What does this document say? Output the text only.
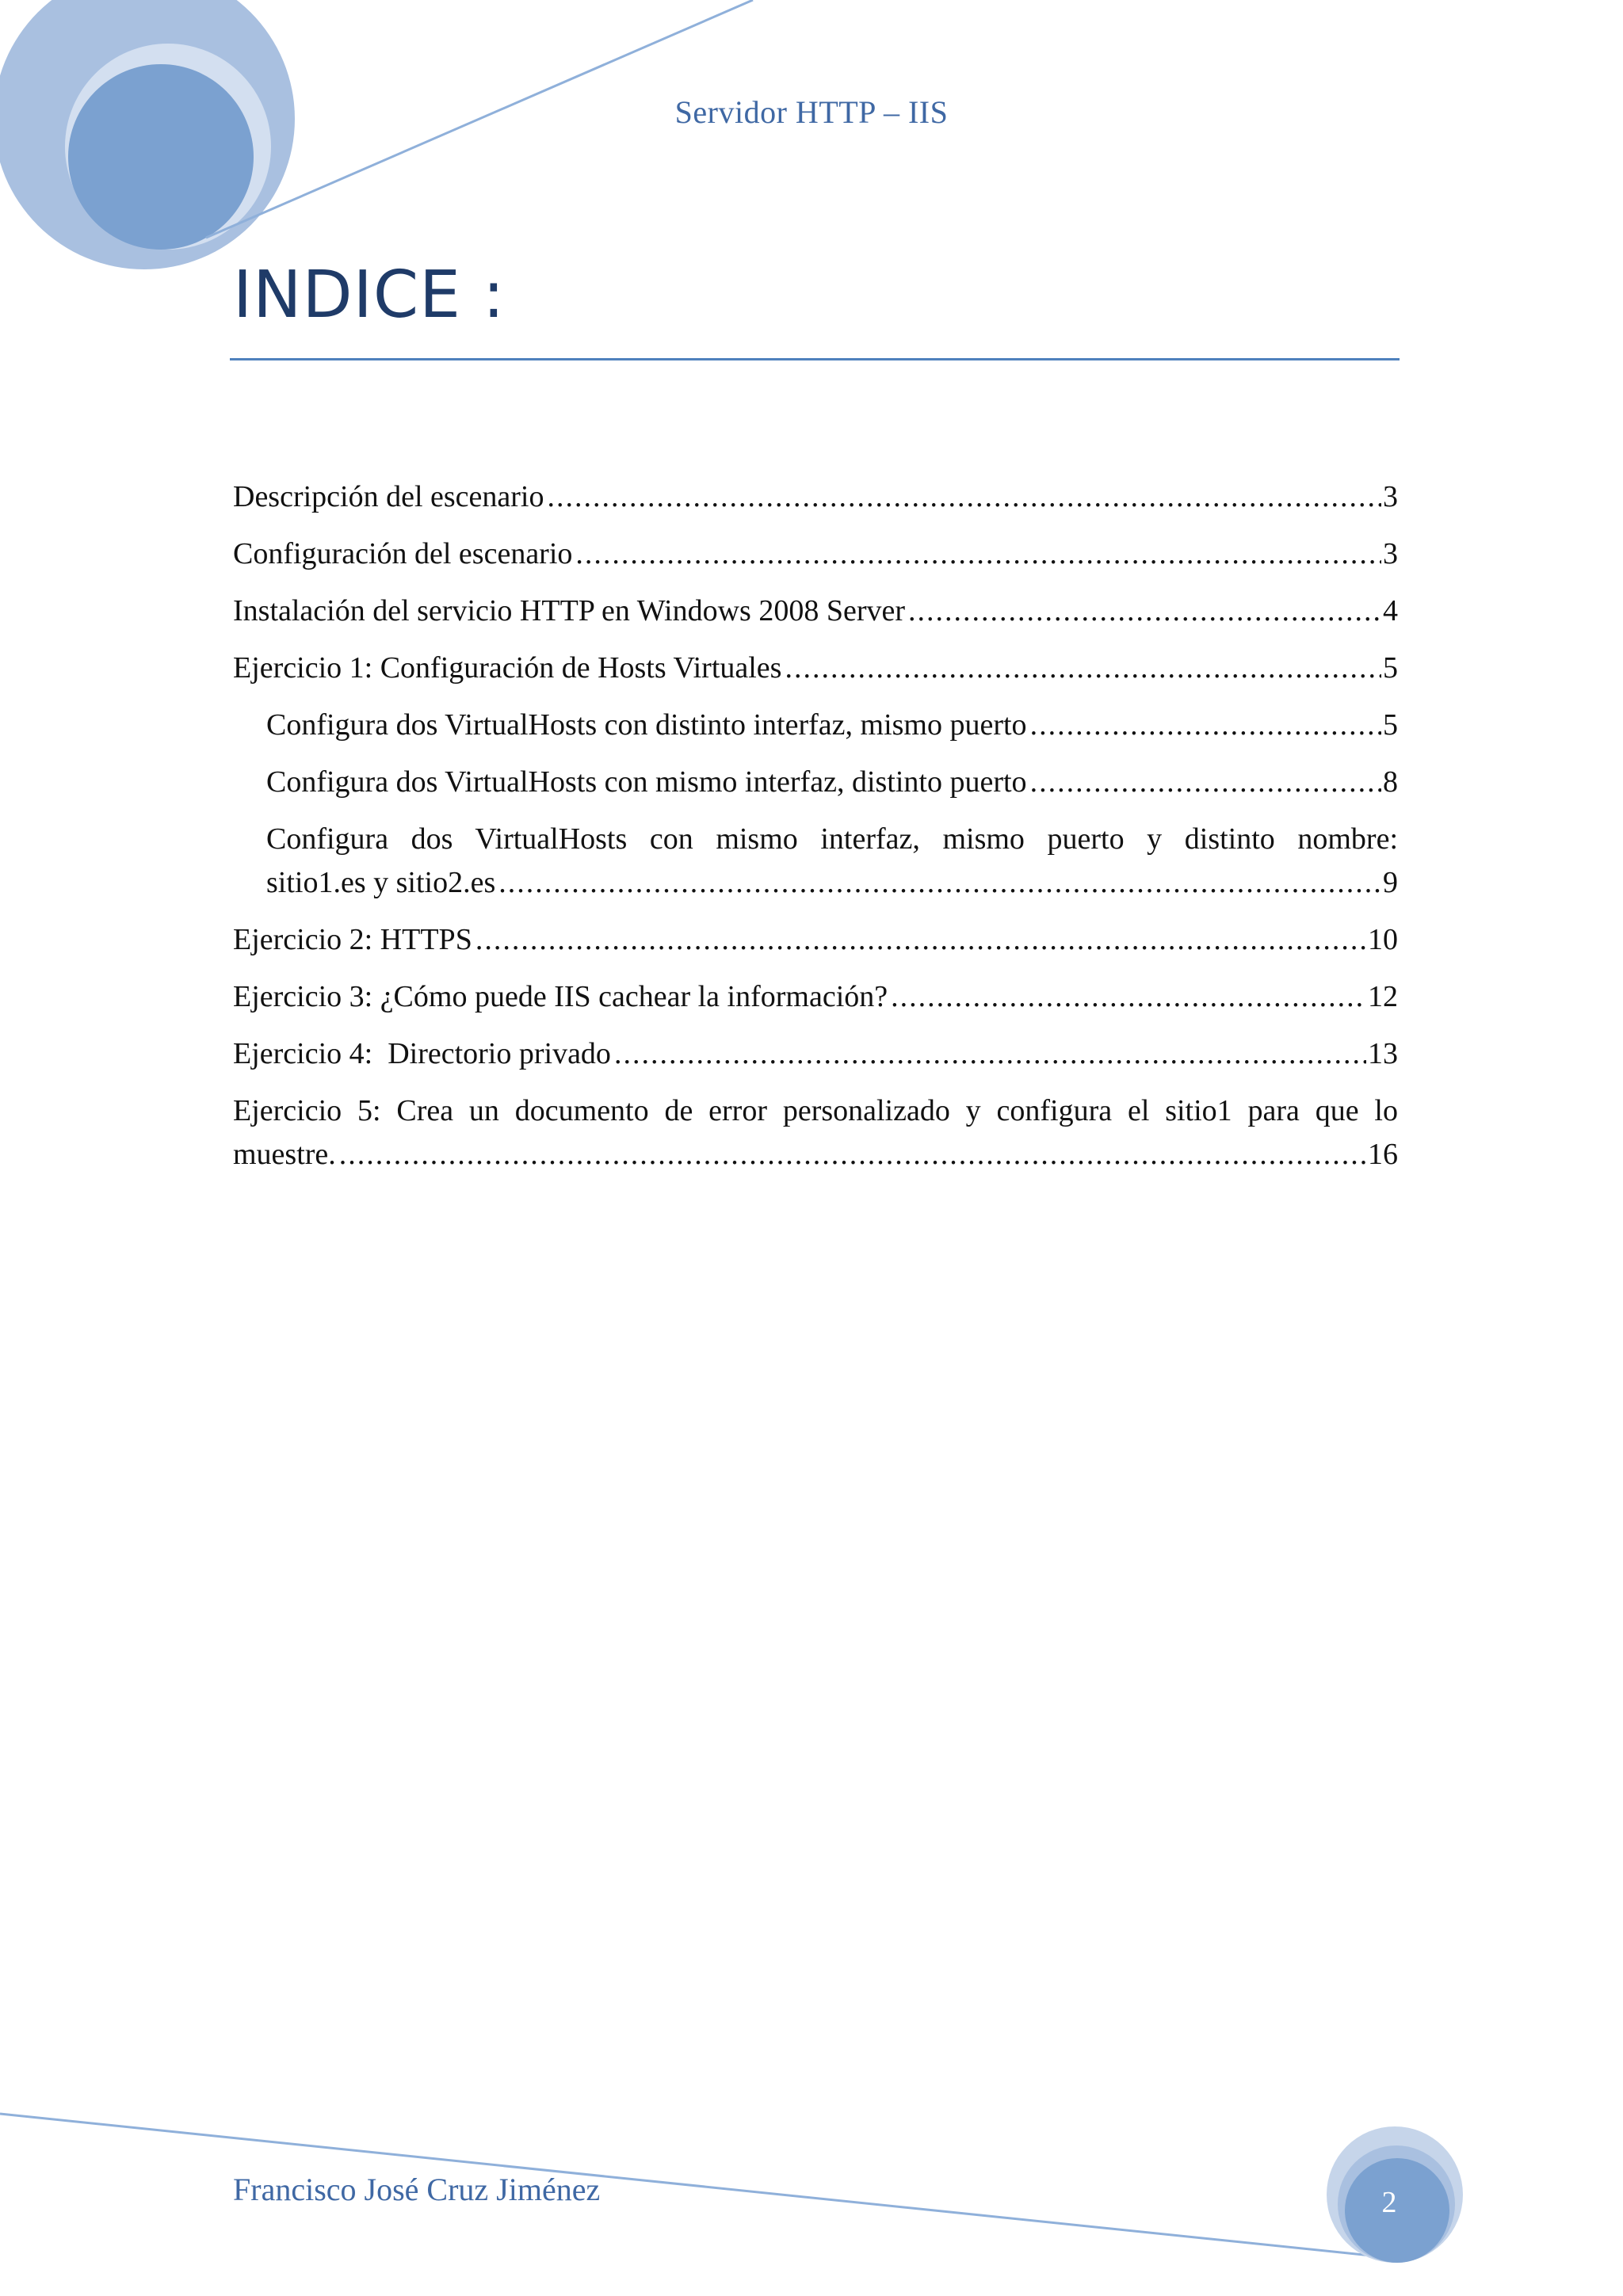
Servidor HTTP – IIS
INDICE :
Descripción del escenario .....	3
Configuración del escenario .....	3
Instalación del servicio HTTP en Windows 2008 Server .....	4
Ejercicio 1: Configuración de Hosts Virtuales .....	5
Configura dos VirtualHosts con distinto interfaz, mismo puerto .....	5
Configura dos VirtualHosts con mismo interfaz, distinto puerto .....	8
Configura dos VirtualHosts con mismo interfaz, mismo puerto y distinto nombre:
sitio1.es y sitio2.es .....	9
Ejercicio 2: HTTPS .....	10
Ejercicio 3: ¿Cómo puede IIS cachear la información? .....	12
Ejercicio 4:  Directorio privado .....	13
Ejercicio 5: Crea un documento de error personalizado y configura el sitio1 para que lo
muestre. .....	16
Francisco José Cruz Jiménez	2
